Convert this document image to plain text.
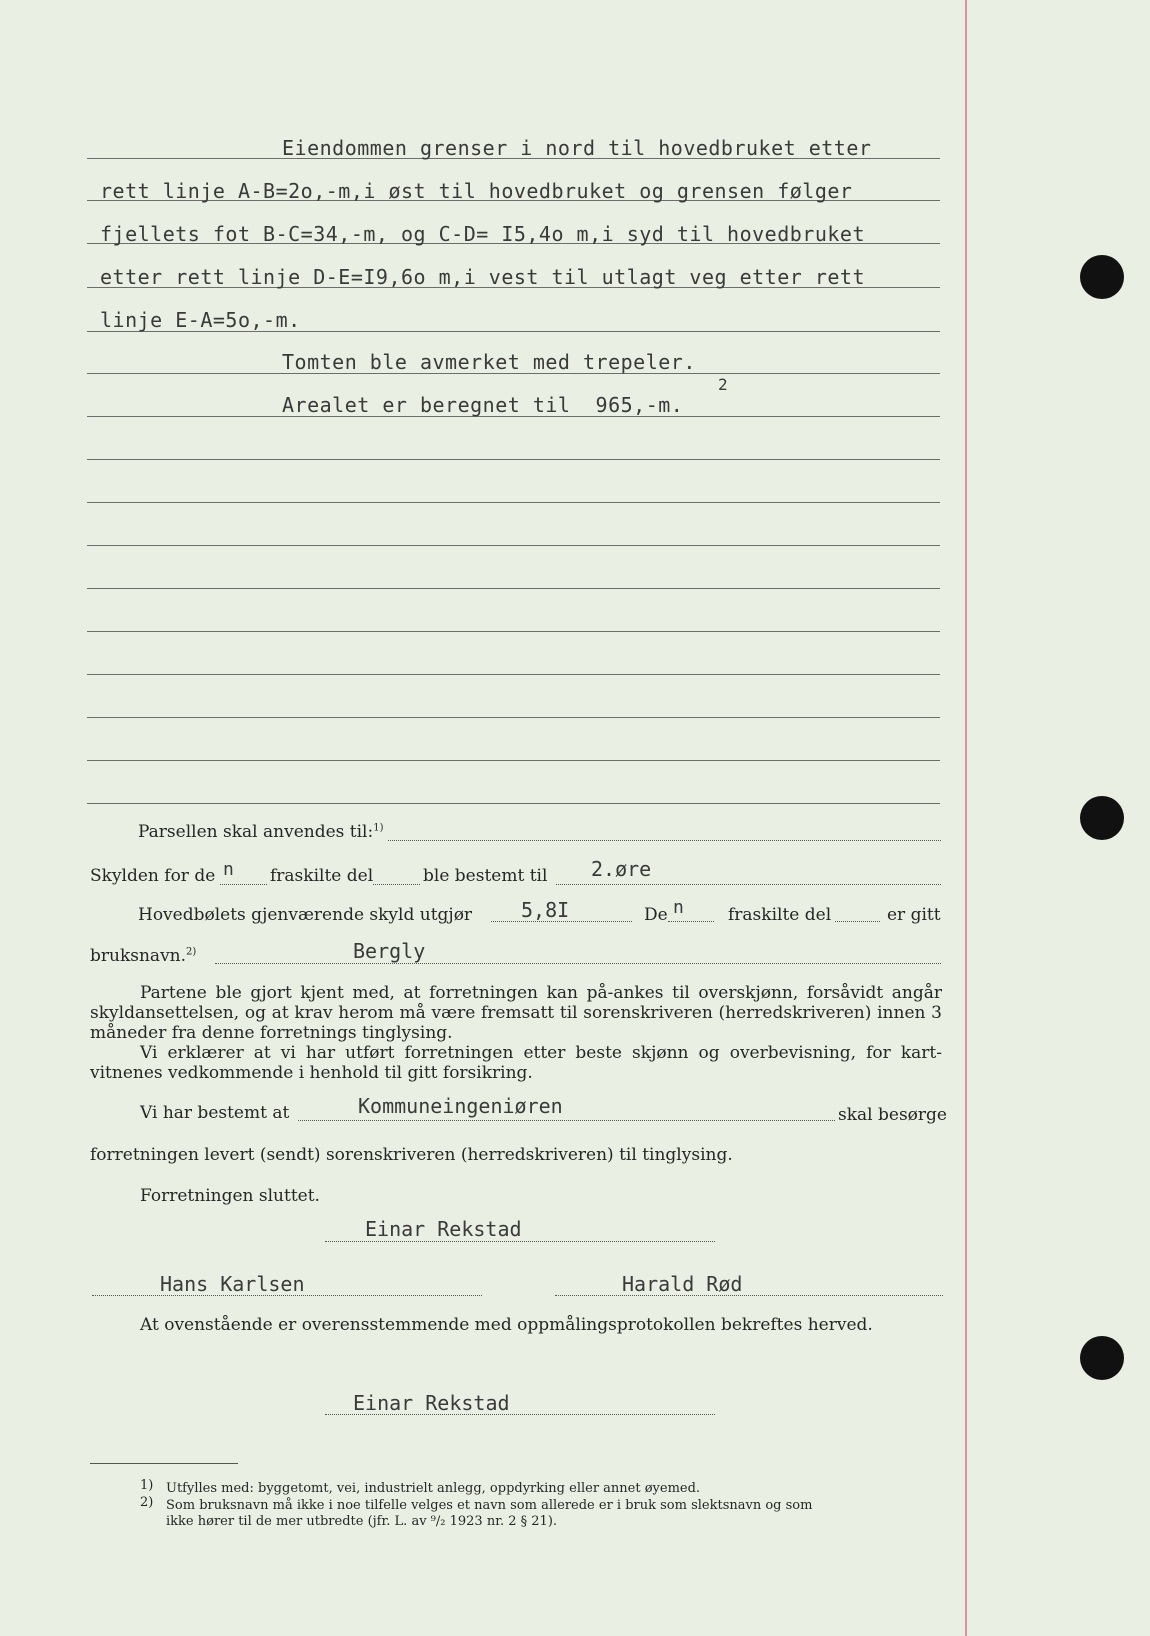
Eiendommen grenser i nord til hovedbruket etter
rett linje A-B=2o,-m,i øst til hovedbruket og grensen følger
fjellets fot B-C=34,-m, og C-D= I5,4o m,i syd til hovedbruket
etter rett linje D-E=I9,6o m,i vest til utlagt veg etter rett
linje E-A=5o,-m.
Tomten ble avmerket med trepeler.
Arealet er beregnet til  965,-m.
2
Parsellen skal anvendes til:$^{1)}$
Skylden for de n fraskilte del	ble bestemt til 2.øre
Hovedbølets gjenværende skyld utgjør 5,8I	De n	fraskilte del	er gitt
bruksnavn.$^{2)}$	Bergly
Partene ble gjort kjent med, at forretningen kan på-ankes til overskjønn, forsåvidt angår skyldansettelsen, og at krav herom må være fremsatt til sorenskriveren (herredskriveren) innen 3 måneder fra denne forretnings tinglysing.
Vi erklærer at vi har utført forretningen etter beste skjønn og overbevisning, for kart-vitnenes vedkommende i henhold til gitt forsikring.
Vi har bestemt at	Kommuneingeniøren	skal besørge
forretningen levert (sendt) sorenskriveren (herredskriveren) til tinglysing.
Forretningen sluttet.
Einar Rekstad
Hans Karlsen	Harald Rød
At ovenstående er overensstemmende med oppmålingsprotokollen bekreftes herved.
Einar Rekstad
1) Utfylles med: byggetomt, vei, industrielt anlegg, oppdyrking eller annet øyemed.
2) Som bruksnavn må ikke i noe tilfelle velges et navn som allerede er i bruk som slektsnavn og som
ikke hører til de mer utbredte (jfr. L. av ⁹/₂ 1923 nr. 2 § 21).
